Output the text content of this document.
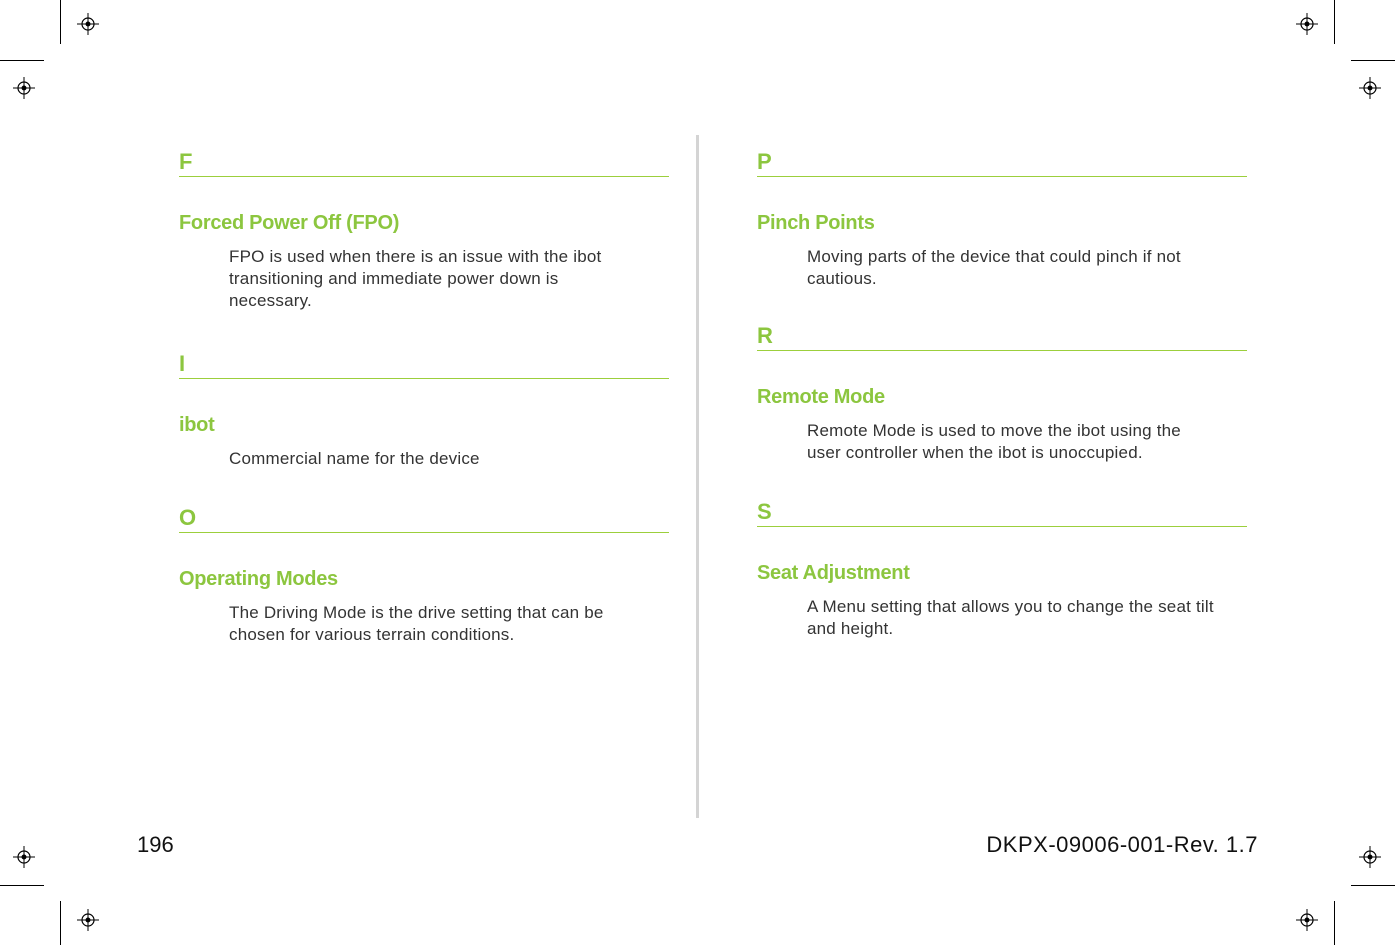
F
Forced Power Off (FPO)
FPO is used when there is an issue with the ibot transitioning and immediate power down is necessary.
I
ibot
Commercial name for the device
O
Operating Modes
The Driving Mode is the drive setting that can be chosen for various terrain conditions.
P
Pinch Points
Moving parts of the device that could pinch if not cautious.
R
Remote Mode
Remote Mode is used to move the ibot using the user controller when the ibot is unoccupied.
S
Seat Adjustment
A Menu setting that allows you to change the seat tilt and height.
196	DKPX-09006-001-Rev. 1.7
